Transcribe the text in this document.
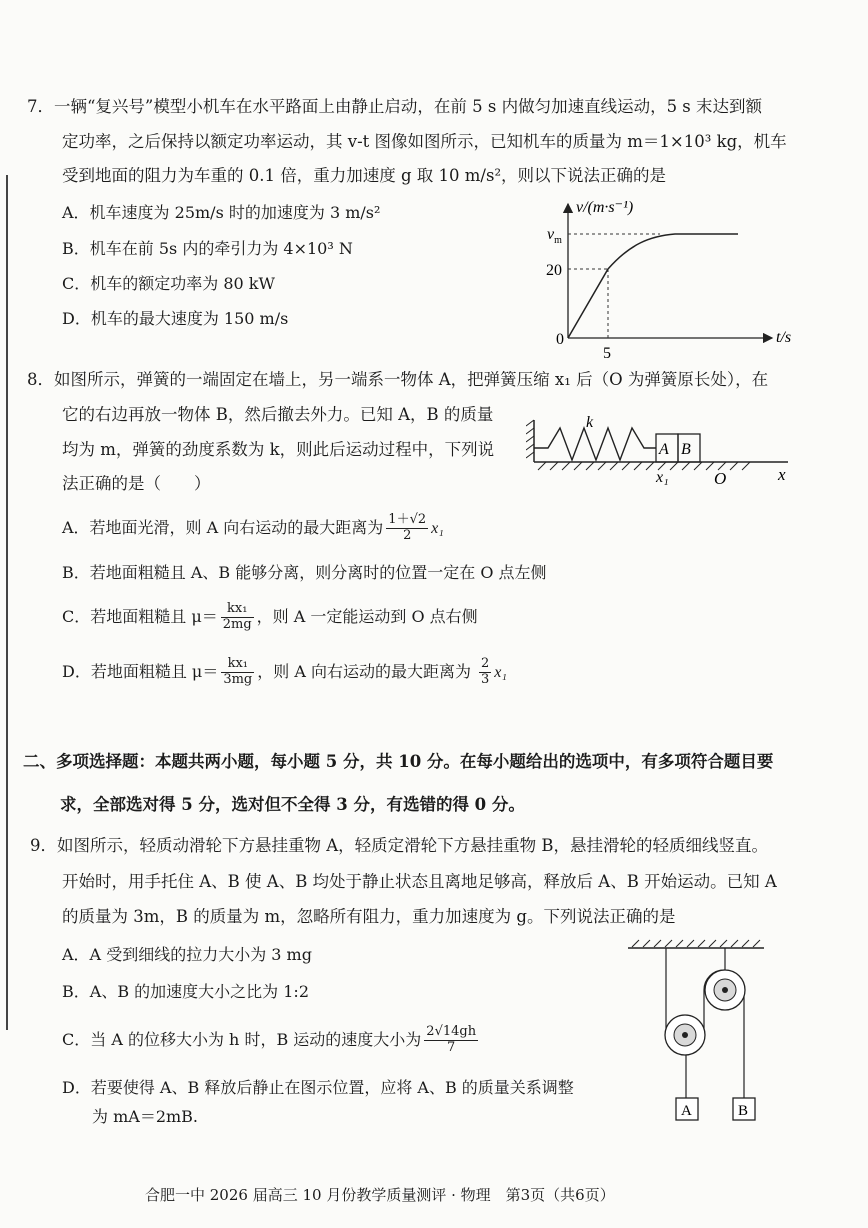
7．一辆“复兴号”模型小机车在水平路面上由静止启动，在前 5 s 内做匀加速直线运动，5 s 末达到额
定功率，之后保持以额定功率运动，其 v-t 图像如图所示，已知机车的质量为 m＝1×10³ kg，机车
受到地面的阻力为车重的 0.1 倍，重力加速度 g 取 10 m/s²，则以下说法正确的是
A．机车速度为 25m/s 时的加速度为 3 m/s²
B．机车在前 5s 内的牵引力为 4×10³ N
C．机车的额定功率为 80 kW
D．机车的最大速度为 150 m/s
v/(m·s⁻¹)
t/s
$v_m$
20
5
0
8．如图所示，弹簧的一端固定在墙上，另一端系一物体 A，把弹簧压缩 x₁ 后（O 为弹簧原长处），在
它的右边再放一物体 B，然后撤去外力。已知 A，B 的质量
均为 m，弹簧的劲度系数为 k，则此后运动过程中，下列说
法正确的是（　　）
k
A B
x₁	O	x
A．若地面光滑，则 A 向右运动的最大距离为 $\frac{1+√2}{2} x_1$
B．若地面粗糙且 A、B 能够分离，则分离时的位置一定在 O 点左侧
C．若地面粗糙且 $\mu= \frac{\text{kx₁}}{2mg}$ ，则 A 一定能运动到 O 点右侧
D．若地面粗糙且 $\mu= \frac{\text{kx₁}}{3mg}$ ，则 A 向右运动的最大距离为 $\frac{2}{3} x_1$
二、多项选择题：本题共两小题，每小题 5 分，共 10 分。在每小题给出的选项中，有多项符合题目要
求，全部选对得 5 分，选对但不全得 3 分，有选错的得 0 分。
9．如图所示，轻质动滑轮下方悬挂重物 A，轻质定滑轮下方悬挂重物 B，悬挂滑轮的轻质细线竖直。
开始时，用手托住 A、B 使 A、B 均处于静止状态且离地足够高，释放后 A、B 开始运动。已知 A
的质量为 3m，B 的质量为 m，忽略所有阻力，重力加速度为 g。下列说法正确的是
A．A 受到细线的拉力大小为 3 mg
B．A、B 的加速度大小之比为 1:2
C．当 A 的位移大小为 h 时，B 运动的速度大小为 $\frac{2√14gh}{7}$
D．若要使得 A、B 释放后静止在图示位置，应将 A、B 的质量关系调整
为 mA＝2mB.	A	B
合肥一中 2026 届高三 10 月份教学质量测评 · 物理　第3页（共6页）
